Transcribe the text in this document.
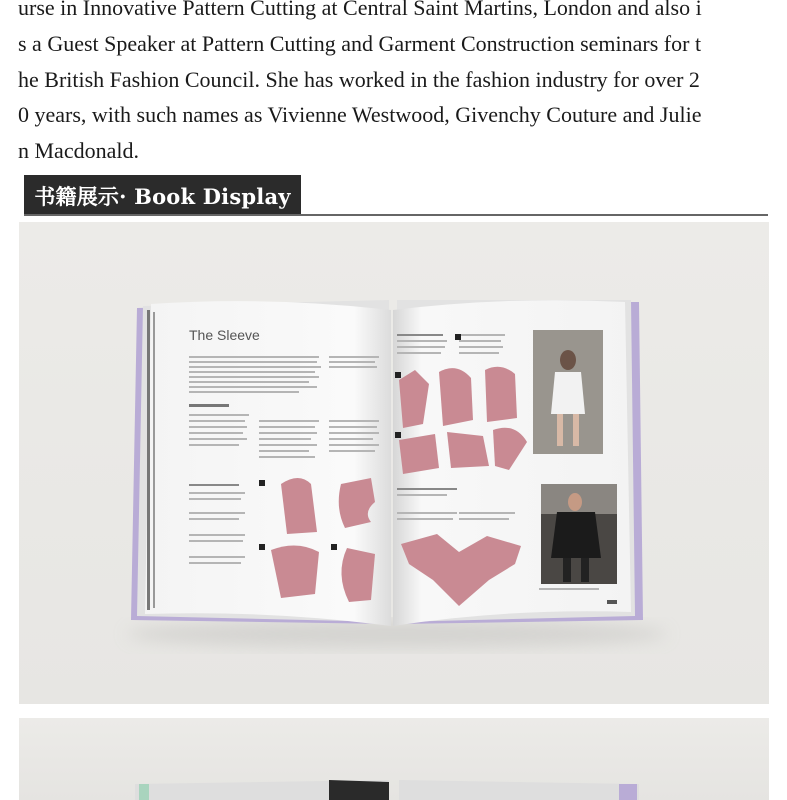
urse in Innovative Pattern Cutting at Central Saint Martins, London and also i

s a Guest Speaker at Pattern Cutting and Garment Construction seminars for t

he British Fashion Council. She has worked in the fashion industry for over 2

0 years, with such names as Vivienne Westwood, Givenchy Couture and Julie

n Macdonald.

书籍展示· Book Display
The Sleeve
